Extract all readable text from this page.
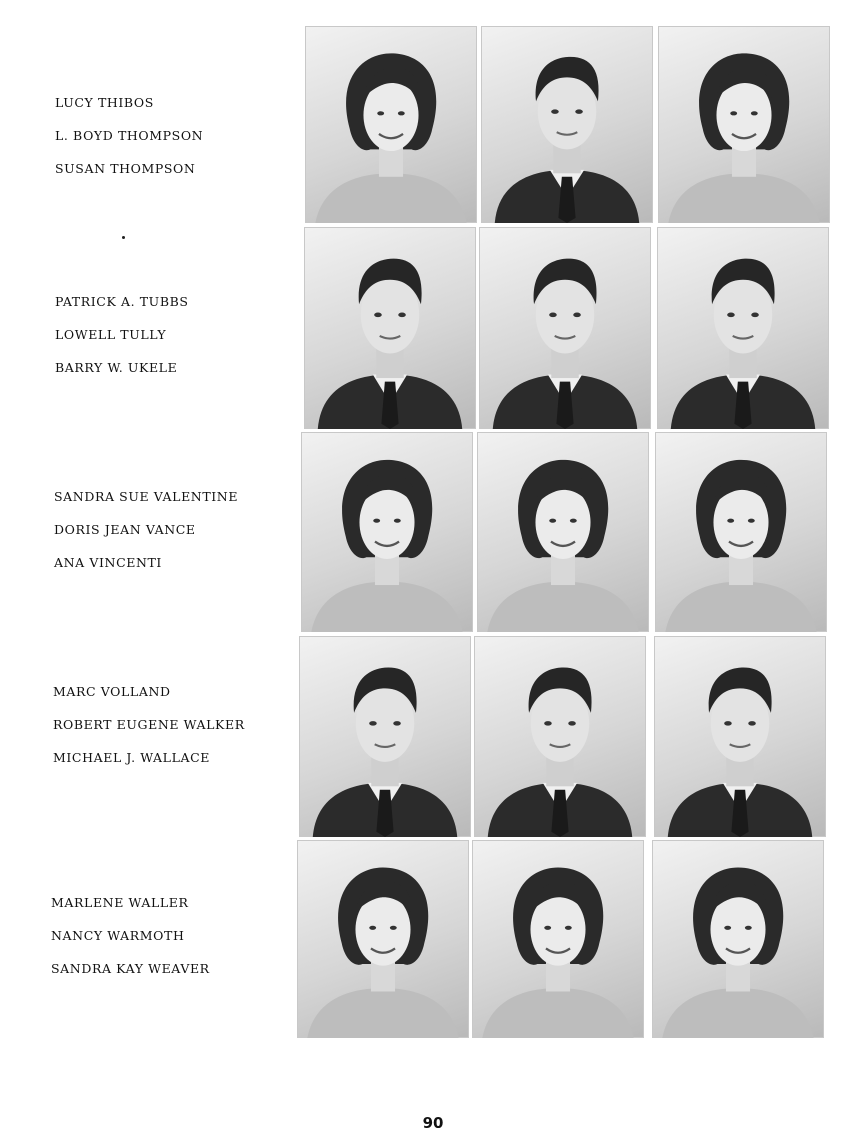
LUCY THIBOS
L. BOYD THOMPSON
SUSAN THOMPSON
PATRICK A. TUBBS
LOWELL TULLY
BARRY W. UKELE
SANDRA SUE VALENTINE
DORIS JEAN VANCE
ANA VINCENTI
MARC VOLLAND
ROBERT EUGENE WALKER
MICHAEL J. WALLACE
MARLENE WALLER
NANCY WARMOTH
SANDRA KAY WEAVER
90
